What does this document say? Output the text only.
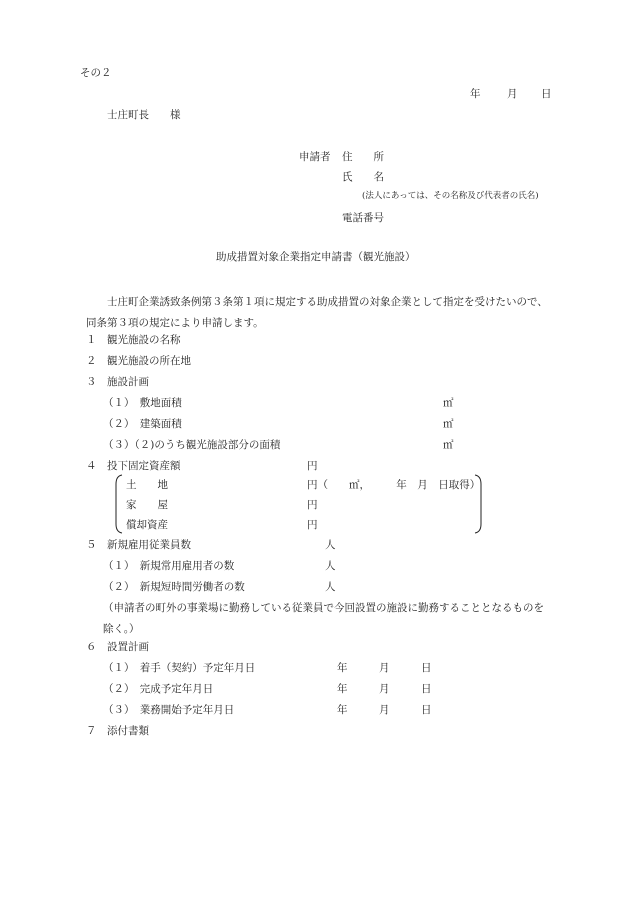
その２
年	月 日
士庄町長 様
申請者 住　　所
氏　　名
(法人にあっては、その名称及び代表者の氏名)
電話番号
助成措置対象企業指定申請書（観光施設）
士庄町企業誘致条例第３条第１項に規定する助成措置の対象企業として指定を受けたいので、同条第３項の規定により申請します。
１　観光施設の名称
２　観光施設の所在地
３　施設計画
（１）　敷地面積	㎡
（２）　建築面積	㎡
（３）（２)のうち観光施設部分の面積	㎡
４　投下固定資産額	円
土　　地	円（　　㎡，　　　年　月　日取得）
家　　屋	円
償却資産	円
５　新規雇用従業員数	人
（１）　新規常用雇用者の数	人
（２）　新規短時間労働者の数	人
（申請者の町外の事業場に勤務している従業員で今回設置の施設に勤務することとなるものを除く。）
６　設置計画
（１）　着手（契約）予定年月日	年	月	日
（２）　完成予定年月日	年	月	日
（３）　業務開始予定年月日	年	月	日
７　添付書類
